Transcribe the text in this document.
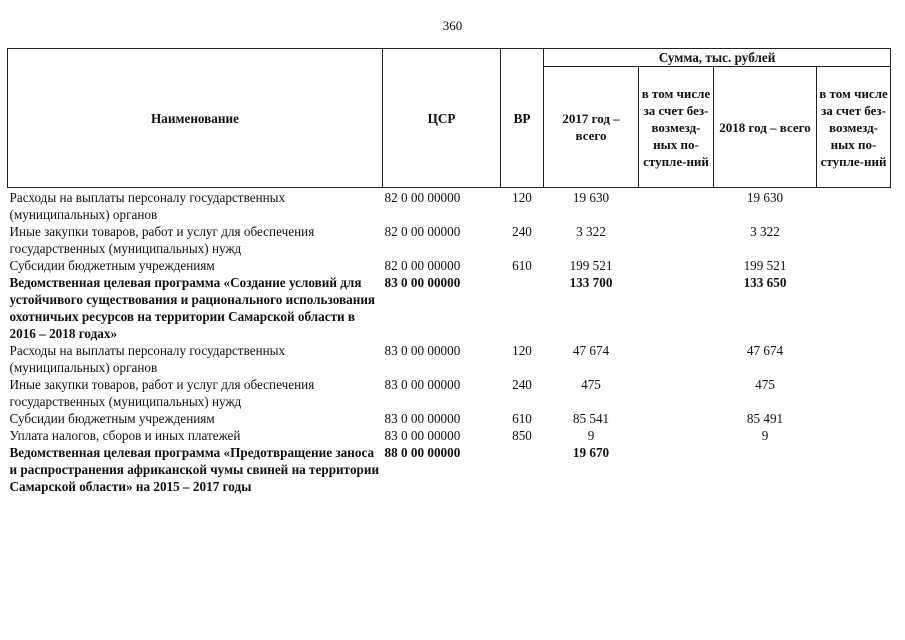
360
Наименование	ЦСР	ВР	Сумма, тыс. рублей			
			2017 год – всего	в том числе за счет без-возмезд-ных по-ступле-ний	2018 год – всего	в том числе за счет без-возмезд-ных по-ступле-ний
Расходы на выплаты персоналу государственных (муниципальных) органов	82 0 00 00000	120	19 630		19 630	
Иные закупки товаров, работ и услуг для обеспечения государственных (муниципальных) нужд	82 0 00 00000	240	3 322		3 322	
Субсидии бюджетным учреждениям	82 0 00 00000	610	199 521		199 521	
Ведомственная целевая программа «Создание условий для устойчивого существования и рационального использования охотничьих ресурсов на территории Самарской области в 2016 – 2018 годах»	83 0 00 00000		133 700		133 650	
Расходы на выплаты персоналу государственных (муниципальных) органов	83 0 00 00000	120	47 674		47 674	
Иные закупки товаров, работ и услуг для обеспечения государственных (муниципальных) нужд	83 0 00 00000	240	475		475	
Субсидии бюджетным учреждениям	83 0 00 00000	610	85 541		85 491	
Уплата налогов, сборов и иных платежей	83 0 00 00000	850	9		9	
Ведомственная целевая программа «Предотвращение заноса и распространения африканской чумы свиней на территории Самарской области» на 2015 – 2017 годы	88 0 00 00000		19 670			
